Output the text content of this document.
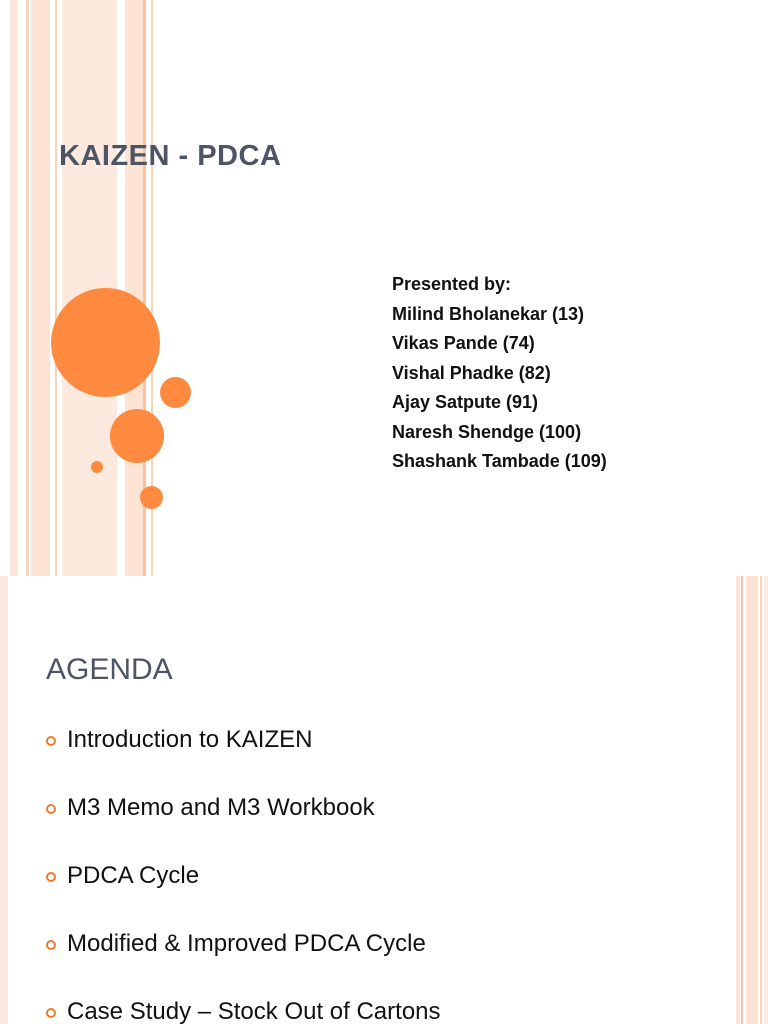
KAIZEN - PDCA
Presented by:
Milind Bholanekar (13)
Vikas Pande (74)
Vishal Phadke (82)
Ajay Satpute (91)
Naresh Shendge (100)
Shashank Tambade (109)
AGENDA
Introduction to KAIZEN
M3 Memo and M3 Workbook
PDCA Cycle
Modified & Improved PDCA Cycle
Case Study – Stock Out of Cartons
